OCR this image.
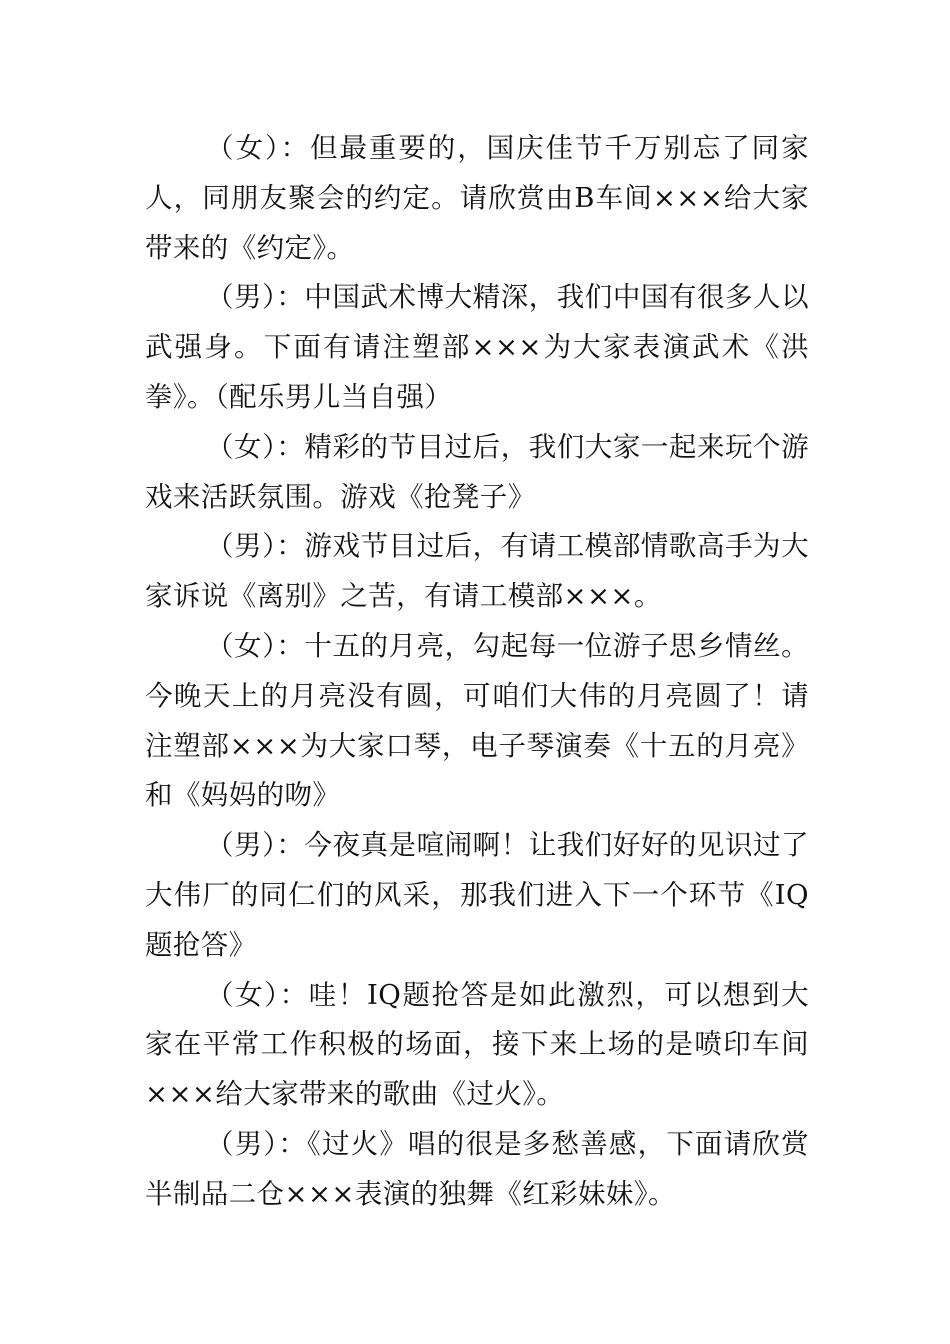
（女）：但最重要的，国庆佳节千万别忘了同家人，同朋友聚会的约定。请欣赏由B车间×××给大家带来的《约定》。

（男）：中国武术博大精深，我们中国有很多人以武强身。下面有请注塑部×××为大家表演武术《洪拳》。（配乐男儿当自强）

（女）：精彩的节目过后，我们大家一起来玩个游戏来活跃氛围。游戏《抢凳子》

（男）：游戏节目过后，有请工模部情歌高手为大家诉说《离别》之苦，有请工模部×××。

（女）：十五的月亮，勾起每一位游子思乡情丝。今晚天上的月亮没有圆，可咱们大伟的月亮圆了！请注塑部×××为大家口琴，电子琴演奏《十五的月亮》和《妈妈的吻》

（男）：今夜真是喧闹啊！让我们好好的见识过了大伟厂的同仁们的风采，那我们进入下一个环节《IQ题抢答》

（女）：哇！IQ题抢答是如此激烈，可以想到大家在平常工作积极的场面，接下来上场的是喷印车间×××给大家带来的歌曲《过火》。

（男）：《过火》唱的很是多愁善感，下面请欣赏半制品二仓×××表演的独舞《红彩妹妹》。
